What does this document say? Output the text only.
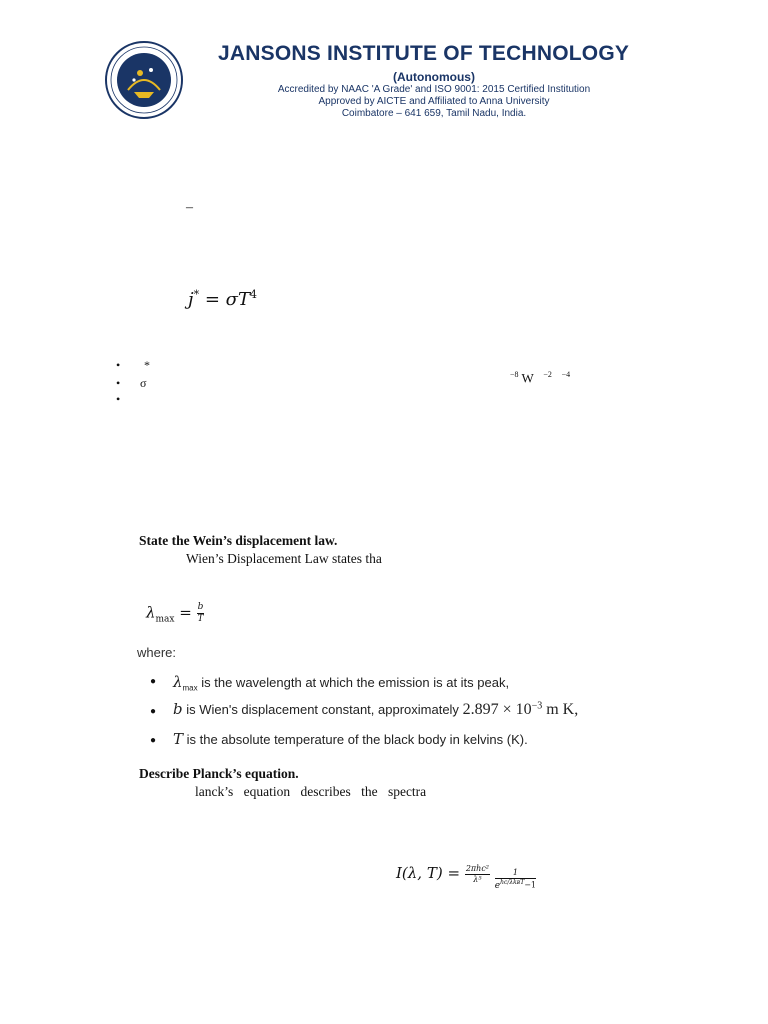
JANSONS INSTITUTE OF TECHNOLOGY
(Autonomous)
Accredited by NAAC 'A Grade' and ISO 9001: 2015 Certified Institution
Approved by AICTE and Affiliated to Anna University
Coimbatore – 641 659, Tamil Nadu, India.
–
$j^* = \sigma T^4$
• *
• σ
•
$^{-8}$ W $^{-2}$ $^{-4}$
State the Wein’s displacement law.
Wien’s Displacement Law states tha
$\lambda_{max} = \frac{b}{T}$
where:
● $\lambda_{max}$ is the wavelength at which the emission is at its peak,
● b is Wien's displacement constant, approximately $2.897 \times 10^{-3}$ m K,
● T is the absolute temperature of the black body in kelvins (K).
Describe Planck’s equation.
lanck’s equation describes the spectra
I(λ, $T) = \frac{\text{2πhc²}}{\text{λ⁵}}$
$\frac{1}{e^{hc/\lambda kʙT}-1}$
